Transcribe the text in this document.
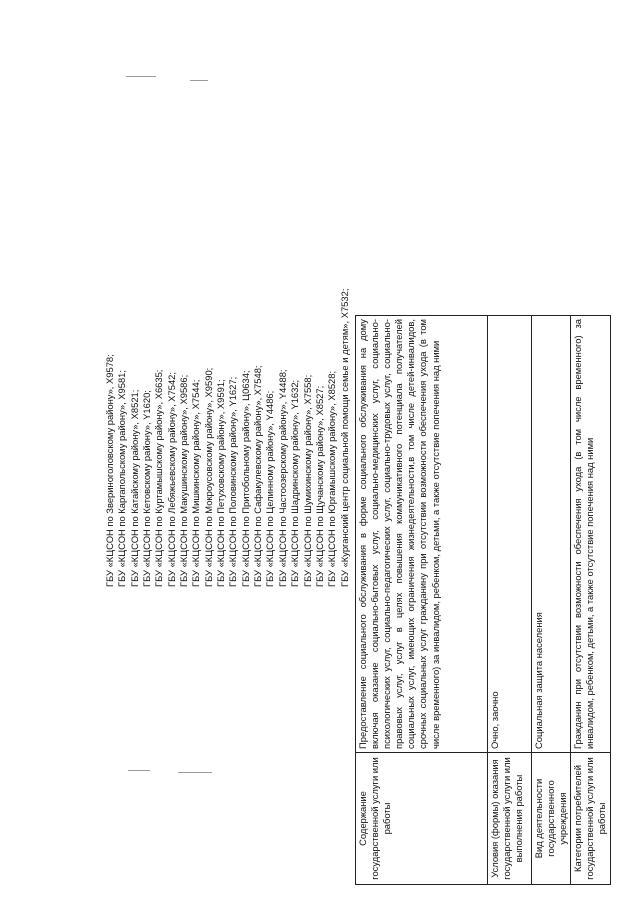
ГБУ «КЦСОН по Звериноголовскому району», X9578; ГБУ «КЦСОН по Каргапольскому району», X9581; ГБУ «КЦСОН по Катайскому району», X8521; ГБУ «КЦСОН по Кетовскому району», Y1620; ГБУ «КЦСОН по Куртамышскому району», X6635; ГБУ «КЦСОН по Лебяжьевскому району», X7542; ГБУ «КЦСОН по Макушинскому району», X9586; ГБУ «КЦСОН по Мишкинскому району», X7544; ГБУ «КЦСОН по Мокроусовскому району», X9590; ГБУ «КЦСОН по Петуховскому району», X9591; ГБУ «КЦСОН по Половинскому району», Y1627; ГБУ «КЦСОН по Притобольному району», Ц0634; ГБУ «КЦСОН по Сафакулевскому району», X7548; ГБУ «КЦСОН по Целинному району», Y4486; ГБУ «КЦСОН по Частоозерскому району», Y4488; ГБУ «КЦСОН по Шадринскому району», Y1632; ГБУ «КЦСОН по Шумихинскому району», X7558; ГБУ «КЦСОН по Щучанскому району», X8527; ГБУ «КЦСОН по Юргамышскому району», X8528; ГБУ «Курганский центр социальной помощи семье и детям», X7532;
Содержание государственной услуги или работы	Предоставление социального обслуживания в форме социального обслуживания на дому включая оказание социально-бытовых услуг, социально-медицинских услуг, социально-психологических услуг, социально-педагогических услуг, социально-трудовых услуг, социально-правовых услуг, услуг в целях повышения коммуникативного потенциала получателей социальных услуг, имеющих ограничения жизнедеятельности,в том числе детей-инвалидов, срочных социальных услуг гражданину при отсутствии возможности обеспечения ухода (в том числе временного) за инвалидом, ребенком, детьми, а также отсутствие попечения над ними
Условия (формы) оказания государственной услуги или выполнения работы	Очно, заочно
Вид деятельности государственного учреждения	Социальная защита населения
Категории потребителей государственной услуги или работы	Гражданин при отсутствии возможности обеспечения ухода (в том числе временного) за инвалидом, ребенком, детьми, а также отсутствие попечения над ними
